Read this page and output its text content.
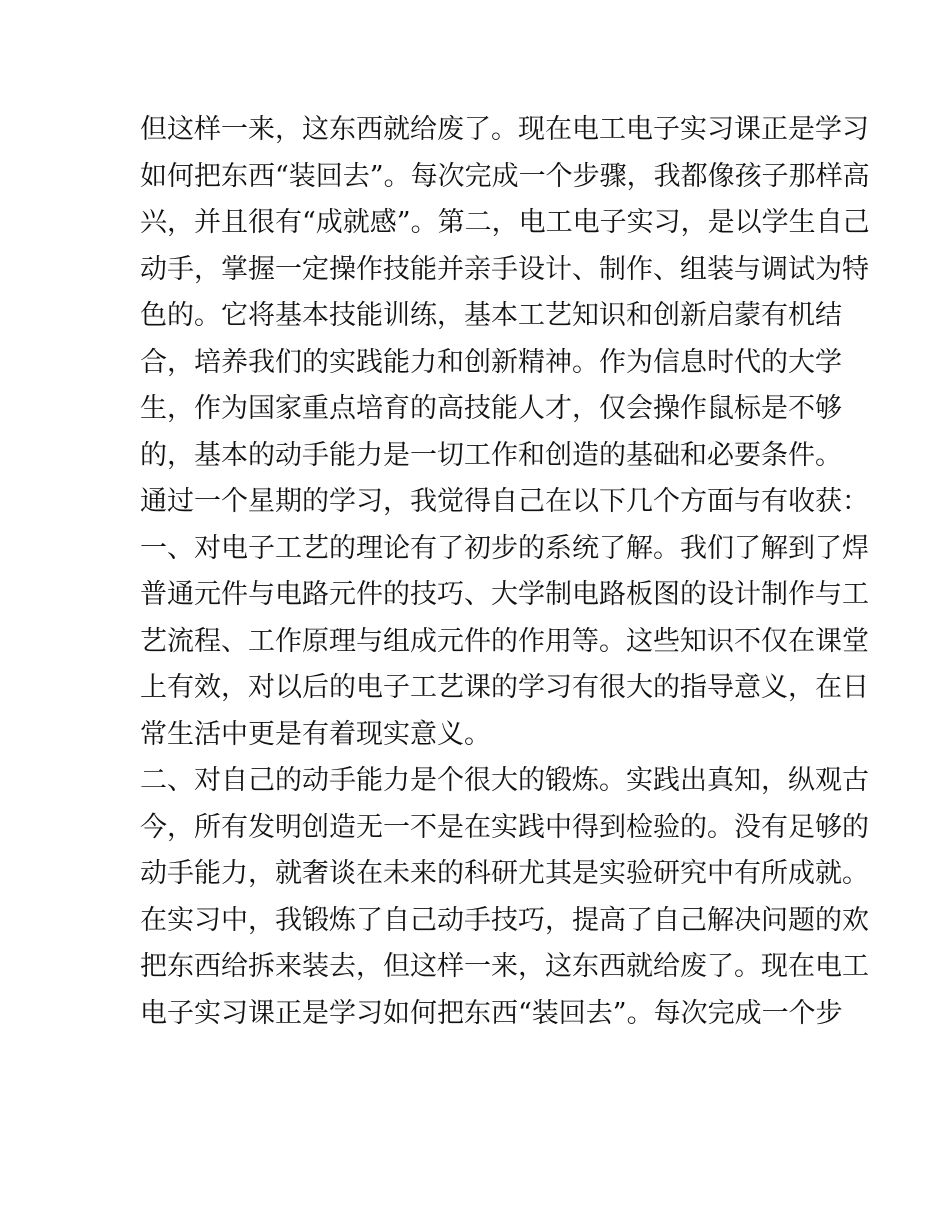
但这样一来，这东西就给废了。现在电工电子实习课正是学习
如何把东西“装回去”。每次完成一个步骤，我都像孩子那样高
兴，并且很有“成就感”。第二，电工电子实习，是以学生自己
动手，掌握一定操作技能并亲手设计、制作、组装与调试为特
色的。它将基本技能训练，基本工艺知识和创新启蒙有机结
合，培养我们的实践能力和创新精神。作为信息时代的大学
生，作为国家重点培育的高技能人才，仅会操作鼠标是不够
的，基本的动手能力是一切工作和创造的基础和必要条件。
通过一个星期的学习，我觉得自己在以下几个方面与有收获：
一、对电子工艺的理论有了初步的系统了解。我们了解到了焊
普通元件与电路元件的技巧、大学制电路板图的设计制作与工
艺流程、工作原理与组成元件的作用等。这些知识不仅在课堂
上有效，对以后的电子工艺课的学习有很大的指导意义，在日
常生活中更是有着现实意义。
二、对自己的动手能力是个很大的锻炼。实践出真知，纵观古
今，所有发明创造无一不是在实践中得到检验的。没有足够的
动手能力，就奢谈在未来的科研尤其是实验研究中有所成就。
在实习中，我锻炼了自己动手技巧，提高了自己解决问题的欢
把东西给拆来装去，但这样一来，这东西就给废了。现在电工
电子实习课正是学习如何把东西“装回去”。每次完成一个步
